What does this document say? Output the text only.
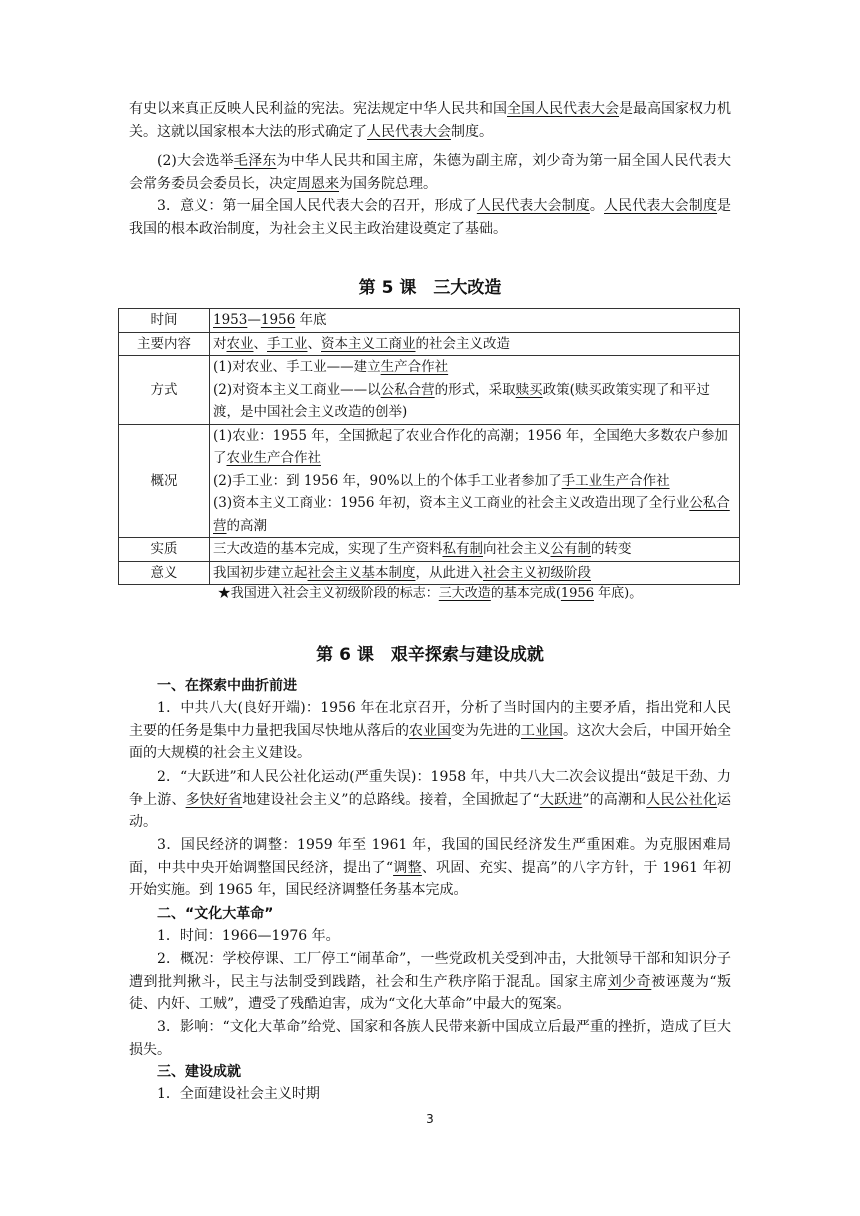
有史以来真正反映人民利益的宪法。宪法规定中华人民共和国全国人民代表大会是最高国家权力机关。这就以国家根本大法的形式确定了人民代表大会制度。

(2)大会选举毛泽东为中华人民共和国主席，朱德为副主席，刘少奇为第一届全国人民代表大会常务委员会委员长，决定周恩来为国务院总理。

3．意义：第一届全国人民代表大会的召开，形成了人民代表大会制度。人民代表大会制度是我国的根本政治制度，为社会主义民主政治建设奠定了基础。

第 5 课　三大改造
时间	1953—1956 年底
主要内容	对农业、手工业、资本主义工商业的社会主义改造
方式	(1)对农业、手工业——建立生产合作社
(2)对资本主义工商业——以公私合营的形式，采取赎买政策(赎买政策实现了和平过渡，是中国社会主义改造的创举)

概况	(1)农业：1955 年，全国掀起了农业合作化的高潮；1956 年，全国绝大多数农户参加了农业生产合作社
(2)手工业：到 1956 年，90%以上的个体手工业者参加了手工业生产合作社
(3)资本主义工商业：1956 年初，资本主义工商业的社会主义改造出现了全行业公私合营的高潮

实质	三大改造的基本完成，实现了生产资料私有制向社会主义公有制的转变
意义	我国初步建立起社会主义基本制度，从此进入社会主义初级阶段

★我国进入社会主义初级阶段的标志：三大改造的基本完成(1956 年底)。

第 6 课　艰辛探索与建设成就

一、在探索中曲折前进

1．中共八大(良好开端)：1956 年在北京召开，分析了当时国内的主要矛盾，指出党和人民主要的任务是集中力量把我国尽快地从落后的农业国变为先进的工业国。这次大会后，中国开始全面的大规模的社会主义建设。

2．“大跃进”和人民公社化运动(严重失误)：1958 年，中共八大二次会议提出“鼓足干劲、力争上游、多快好省地建设社会主义”的总路线。接着，全国掀起了“大跃进”的高潮和人民公社化运动。

3．国民经济的调整：1959 年至 1961 年，我国的国民经济发生严重困难。为克服困难局面，中共中央开始调整国民经济，提出了“调整、巩固、充实、提高”的八字方针，于 1961 年初开始实施。到 1965 年，国民经济调整任务基本完成。

二、“文化大革命”

1．时间：1966—1976 年。

2．概况：学校停课、工厂停工“闹革命”，一些党政机关受到冲击，大批领导干部和知识分子遭到批判揪斗，民主与法制受到践踏，社会和生产秩序陷于混乱。国家主席刘少奇被诬蔑为“叛徒、内奸、工贼”，遭受了残酷迫害，成为“文化大革命”中最大的冤案。

3．影响：“文化大革命”给党、国家和各族人民带来新中国成立后最严重的挫折，造成了巨大损失。

三、建设成就

1．全面建设社会主义时期

3
